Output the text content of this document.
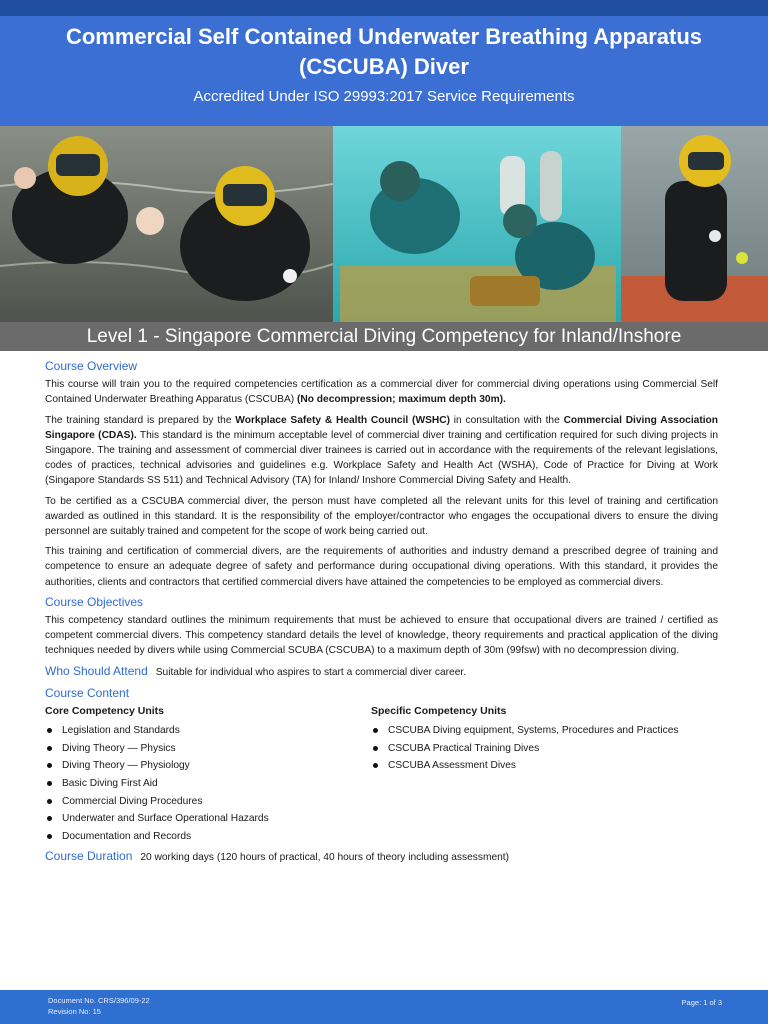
Commercial Self Contained Underwater Breathing Apparatus
(CSCUBA) Diver
Accredited Under ISO 29993:2017 Service Requirements
Level 1 - Singapore Commercial Diving Competency for Inland/Inshore
Course Overview

This course will train you to the required competencies certification as a commercial diver for commercial diving operations using Commercial Self Contained Underwater Breathing Apparatus (CSCUBA) (No decompression; maximum depth 30m).

The training standard is prepared by the Workplace Safety & Health Council (WSHC) in consultation with the Commercial Diving Association Singapore (CDAS). This standard is the minimum acceptable level of commercial diver training and certification required for such diving projects in Singapore. The training and assessment of commercial diver trainees is carried out in accordance with the requirements of the relevant legislations, codes of practices, technical advisories and guidelines e.g. Workplace Safety and Health Act (WSHA), Code of Practice for Diving at Work (Singapore Standards SS 511) and Technical Advisory (TA) for Inland/ Inshore Commercial Diving Safety and Health.

To be certified as a CSCUBA commercial diver, the person must have completed all the relevant units for this level of training and certification awarded as outlined in this standard. It is the responsibility of the employer/contractor who engages the occupational divers to ensure the diving personnel are suitably trained and competent for the scope of work being carried out.

This training and certification of commercial divers, are the requirements of authorities and industry demand a prescribed degree of training and competence to ensure an adequate degree of safety and performance during occupational diving operations. With this standard, it provides the authorities, clients and contractors that certified commercial divers have attained the competencies to be employed as commercial divers.

Course Objectives

This competency standard outlines the minimum requirements that must be achieved to ensure that occupational divers are trained / certified as competent commercial divers. This competency standard details the level of knowledge, theory requirements and practical application of the diving techniques needed by divers while using Commercial SCUBA (CSCUBA) to a maximum depth of 30m (99fsw) with no decompression diving.

Who Should Attend Suitable for individual who aspires to start a commercial diver career.
Course Content
Core Competency Units
Legislation and Standards
Diving Theory — Physics
Diving Theory — Physiology
Basic Diving First Aid
Commercial Diving Procedures
Underwater and Surface Operational Hazards
Documentation and Records
Specific Competency Units
CSCUBA Diving equipment, Systems, Procedures and Practices
CSCUBA Practical Training Dives
CSCUBA Assessment Dives
Course Duration 20 working days (120 hours of practical, 40 hours of theory including assessment)
Document No. CRS/396/09-22
Revision No: 15
Page: 1 of 3
